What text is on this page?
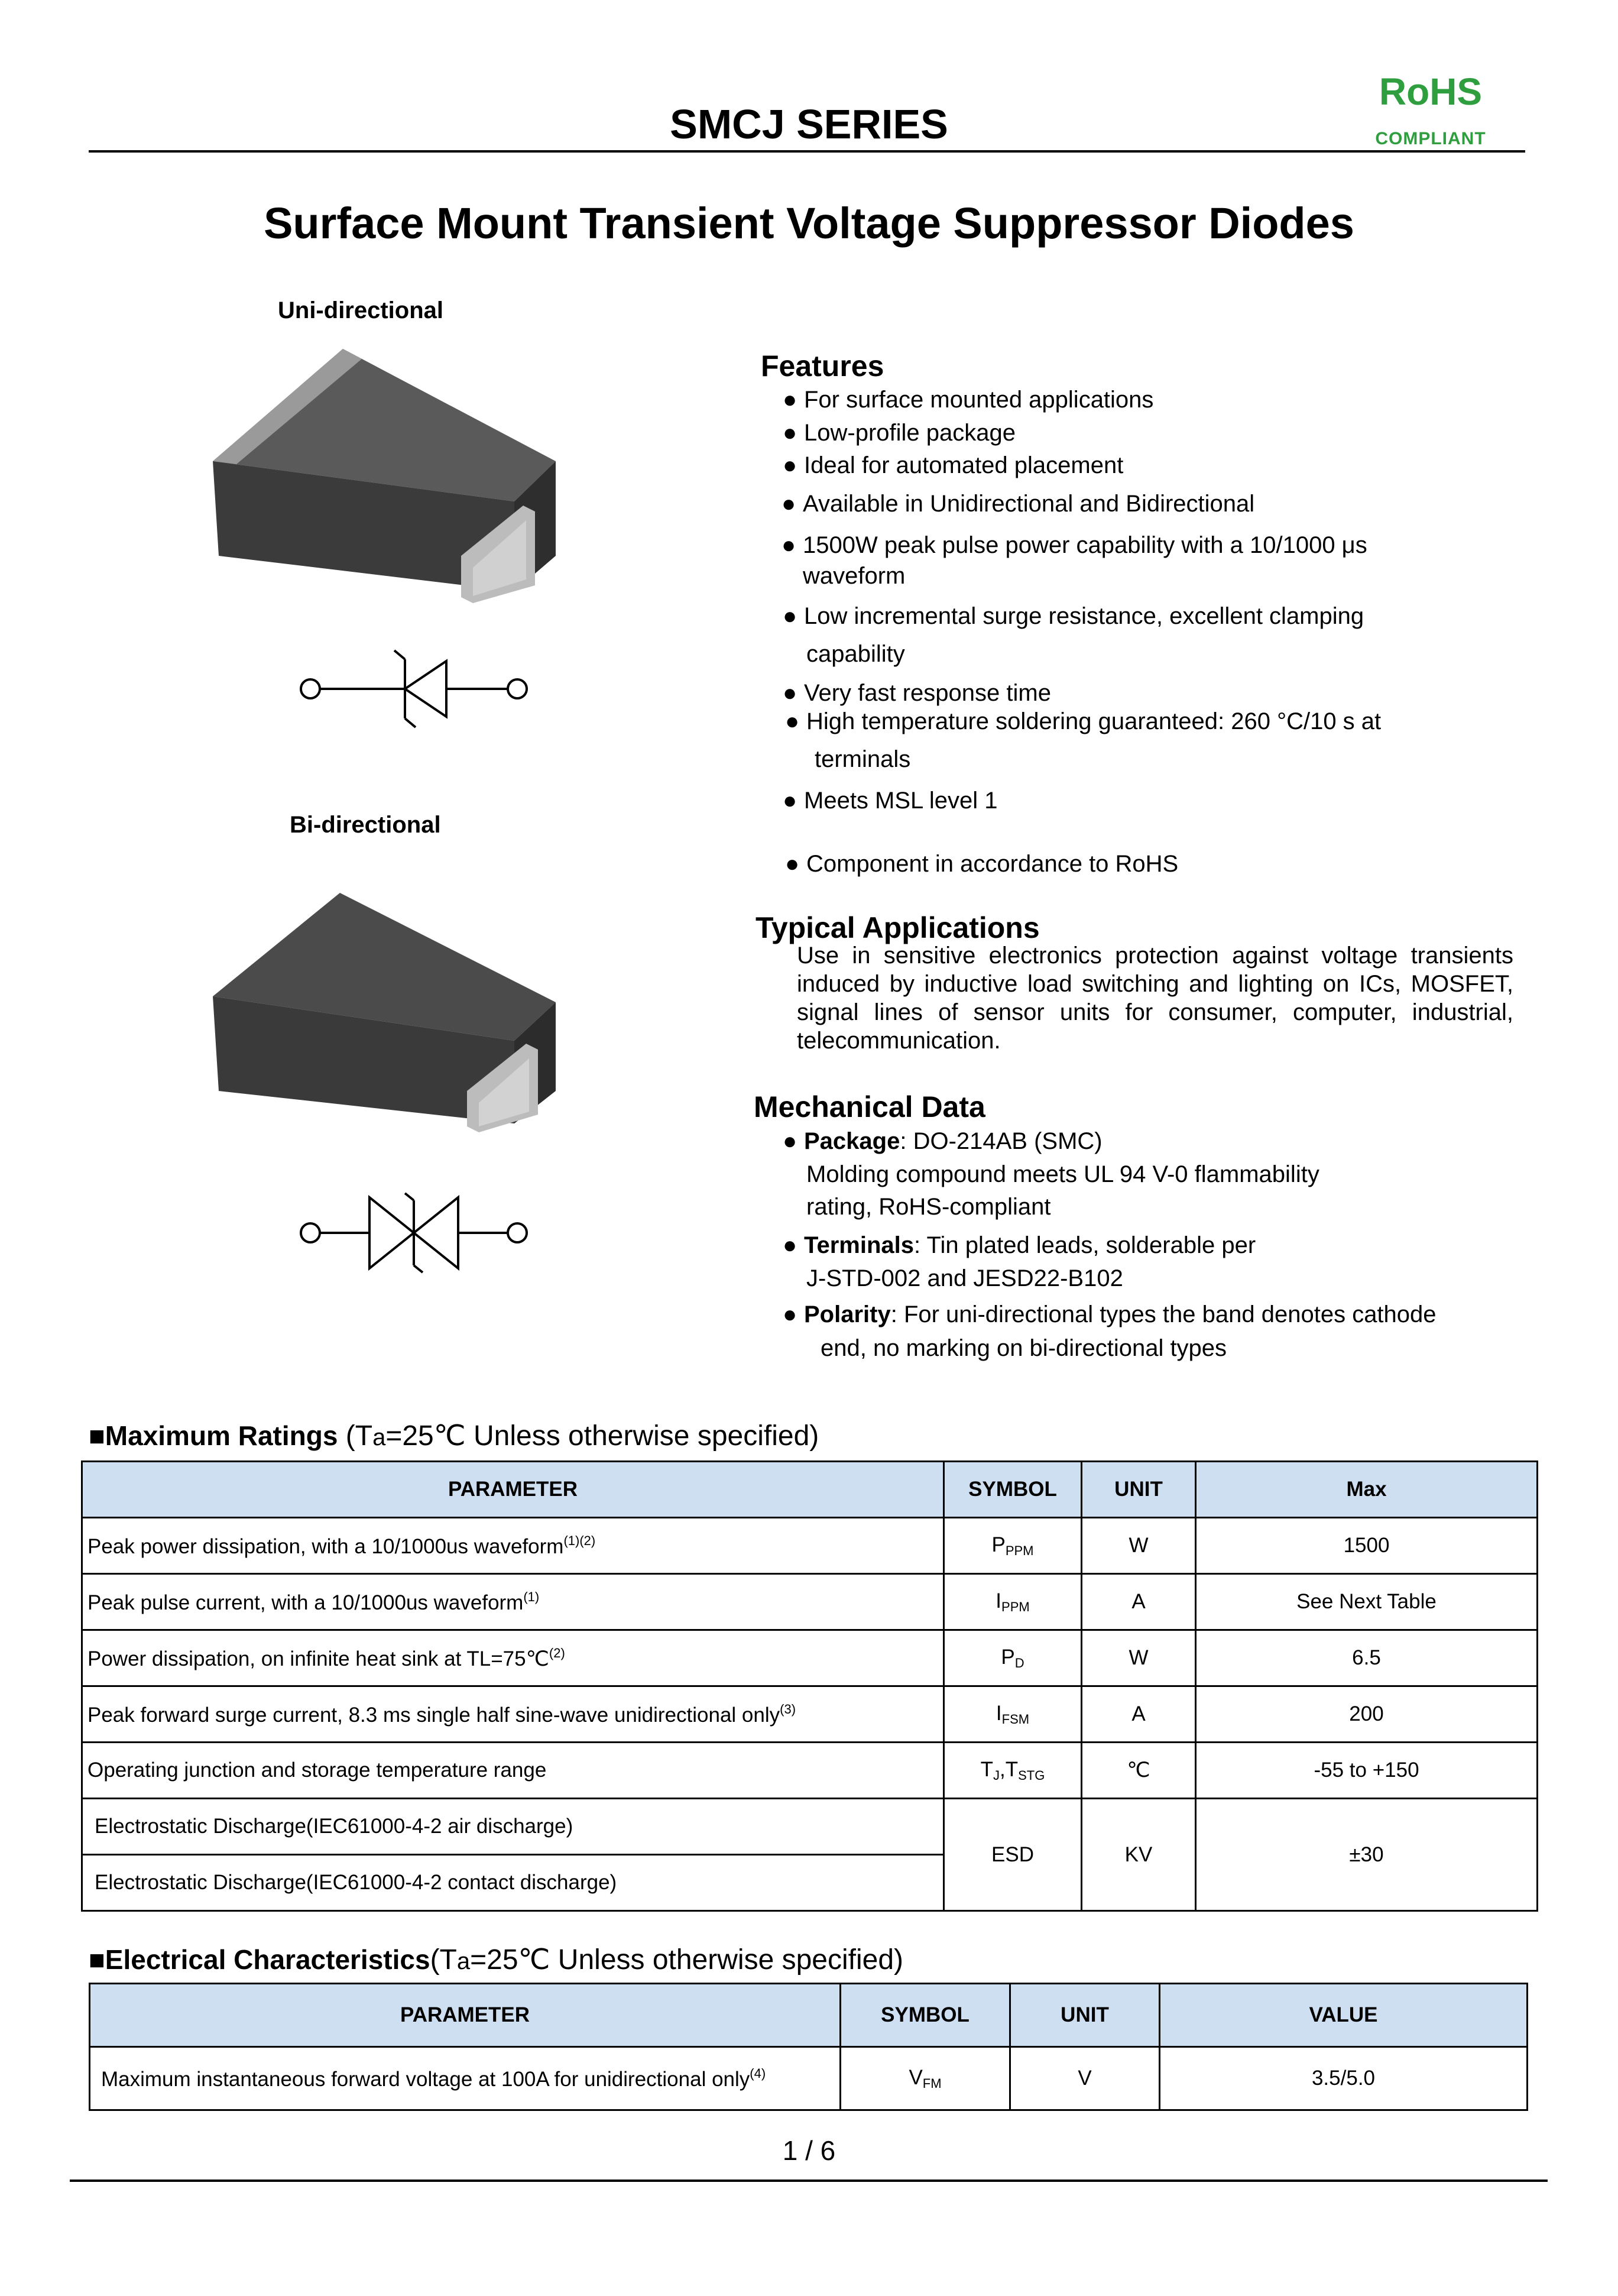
SMCJ SERIES
RoHS
COMPLIANT
Surface Mount Transient Voltage Suppressor Diodes
Uni-directional
Bi-directional
Features
● For surface mounted applications
● Low-profile package
● Ideal for automated placement
● Available in Unidirectional and Bidirectional
● 1500W peak pulse power capability with a 10/1000 μs
waveform
● Low incremental surge resistance, excellent clamping
capability
● Very fast response time
● High temperature soldering guaranteed: 260 °C/10 s at
terminals
● Meets MSL level 1
● Component in accordance to RoHS
Typical Applications
Use in sensitive electronics protection against voltage transients induced by inductive load switching and lighting on ICs, MOSFET, signal lines of sensor units for consumer, computer, industrial, telecommunication.
Mechanical Data
● Package: DO-214AB (SMC)
Molding compound meets UL 94 V-0 flammability
rating, RoHS-compliant
● Terminals: Tin plated leads, solderable per
J-STD-002 and JESD22-B102
● Polarity: For uni-directional types the band denotes cathode
end, no marking on bi-directional types
■Maximum Ratings (Ta=25℃ Unless otherwise specified)
PARAMETER	SYMBOL	UNIT	Max
Peak power dissipation, with a 10/1000us waveform$^{(1)(2)}$	$P_{PPM}$	W	1500
Peak pulse current, with a 10/1000us waveform$^{(1)}$	$I_{PPM}$	A	See Next Table
Power dissipation, on infinite heat sink at TL=75℃$^{(2)}$	$P_D$	W	6.5
Peak forward surge current, 8.3 ms single half sine-wave unidirectional only$^{(3)}$	$I_{FSM}$	A	200
Operating junction and storage temperature range	$T_J,T_{STG}$	℃	-55 to +150
Electrostatic Discharge(IEC61000-4-2 air discharge)	ESD	KV	±30
Electrostatic Discharge(IEC61000-4-2 contact discharge)			
■Electrical Characteristics(Ta=25℃ Unless otherwise specified)
PARAMETER	SYMBOL	UNIT	VALUE
Maximum instantaneous forward voltage at 100A for unidirectional only$^{(4)}$	$V_{FM}$	V	3.5/5.0
1 / 6
